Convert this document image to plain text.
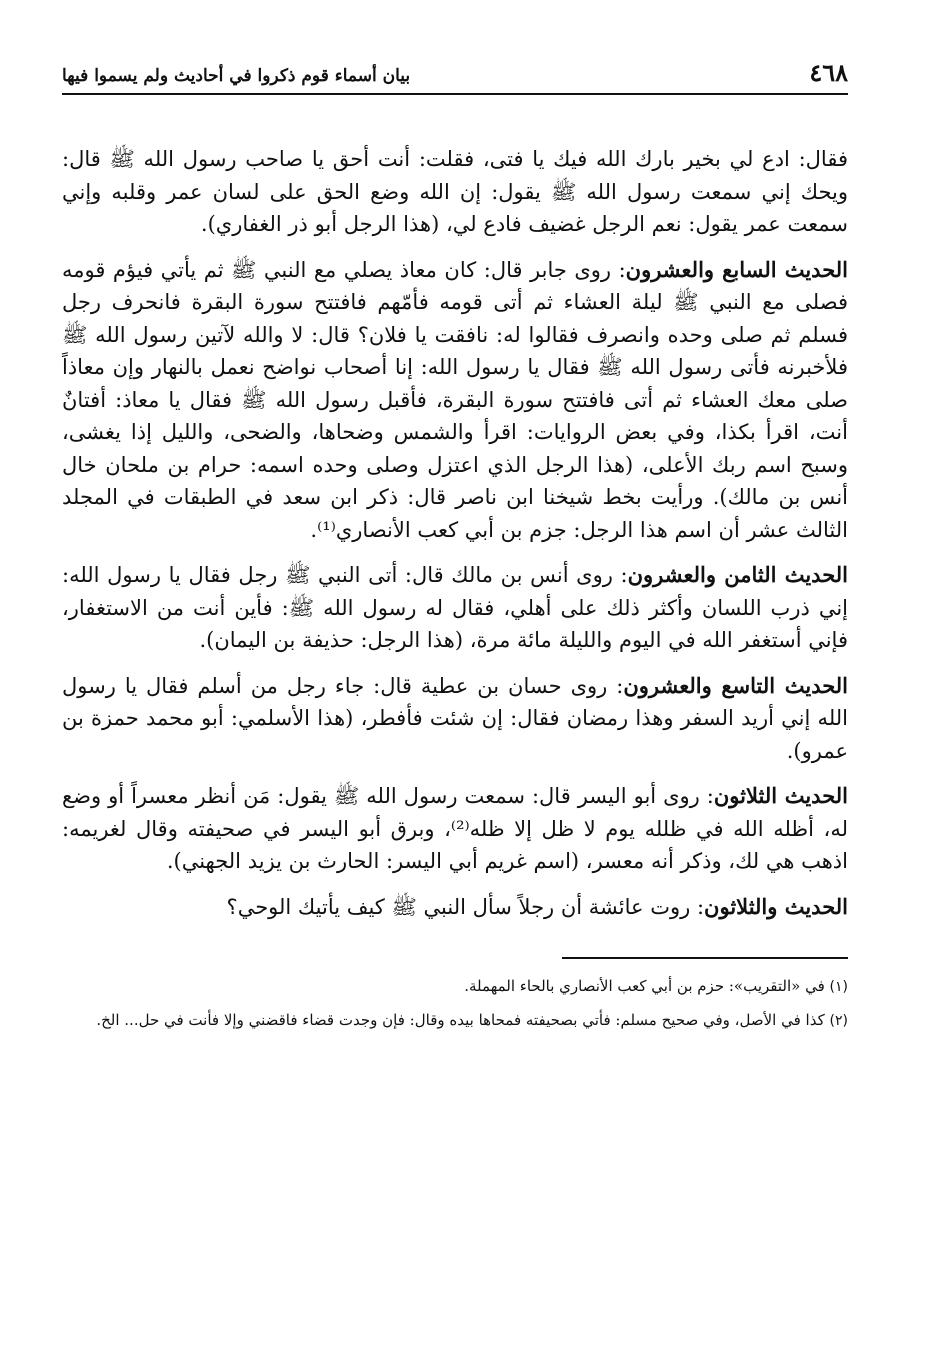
٤٦٨
بيان أسماء قوم ذكروا في أحاديث ولم يسموا فيها

فقال: ادع لي بخير بارك الله فيك يا فتى، فقلت: أنت أحق يا صاحب رسول الله ﷺ قال: ويحك إني سمعت رسول الله ﷺ يقول: إن الله وضع الحق على لسان عمر وقلبه وإني سمعت عمر يقول: نعم الرجل غضيف فادع لي، (هذا الرجل أبو ذر الغفاري).

الحديث السابع والعشرون: روى جابر قال: كان معاذ يصلي مع النبي ﷺ ثم يأتي فيؤم قومه فصلى مع النبي ﷺ ليلة العشاء ثم أتى قومه فأمّهم فافتتح سورة البقرة فانحرف رجل فسلم ثم صلى وحده وانصرف فقالوا له: نافقت يا فلان؟ قال: لا والله لآتين رسول الله ﷺ فلأخبرنه فأتى رسول الله ﷺ فقال يا رسول الله: إنا أصحاب نواضح نعمل بالنهار وإن معاذاً صلى معك العشاء ثم أتى فافتتح سورة البقرة، فأقبل رسول الله ﷺ فقال يا معاذ: أفتانٌ أنت، اقرأ بكذا، وفي بعض الروايات: اقرأ والشمس وضحاها، والضحى، والليل إذا يغشى، وسبح اسم ربك الأعلى، (هذا الرجل الذي اعتزل وصلى وحده اسمه: حرام بن ملحان خال أنس بن مالك). ورأيت بخط شيخنا ابن ناصر قال: ذكر ابن سعد في الطبقات في المجلد الثالث عشر أن اسم هذا الرجل: جزم بن أبي كعب الأنصاري⁽¹⁾.

الحديث الثامن والعشرون: روى أنس بن مالك قال: أتى النبي ﷺ رجل فقال يا رسول الله: إني ذرب اللسان وأكثر ذلك على أهلي، فقال له رسول الله ﷺ: فأين أنت من الاستغفار، فإني أستغفر الله في اليوم والليلة مائة مرة، (هذا الرجل: حذيفة بن اليمان).

الحديث التاسع والعشرون: روى حسان بن عطية قال: جاء رجل من أسلم فقال يا رسول الله إني أريد السفر وهذا رمضان فقال: إن شئت فأفطر، (هذا الأسلمي: أبو محمد حمزة بن عمرو).

الحديث الثلاثون: روى أبو اليسر قال: سمعت رسول الله ﷺ يقول: مَن أنظر معسراً أو وضع له، أظله الله في ظلله يوم لا ظل إلا ظله⁽²⁾، وبرق أبو اليسر في صحيفته وقال لغريمه: اذهب هي لك، وذكر أنه معسر، (اسم غريم أبي اليسر: الحارث بن يزيد الجهني).

الحديث والثلاثون: روت عائشة أن رجلاً سأل النبي ﷺ كيف يأتيك الوحي؟

(١) في «التقريب»: حزم بن أبي كعب الأنصاري بالحاء المهملة.

(٢) كذا في الأصل، وفي صحيح مسلم: فأتي بصحيفته فمحاها بيده وقال: فإن وجدت قضاء فاقضني وإلا فأنت في حل... الخ.
